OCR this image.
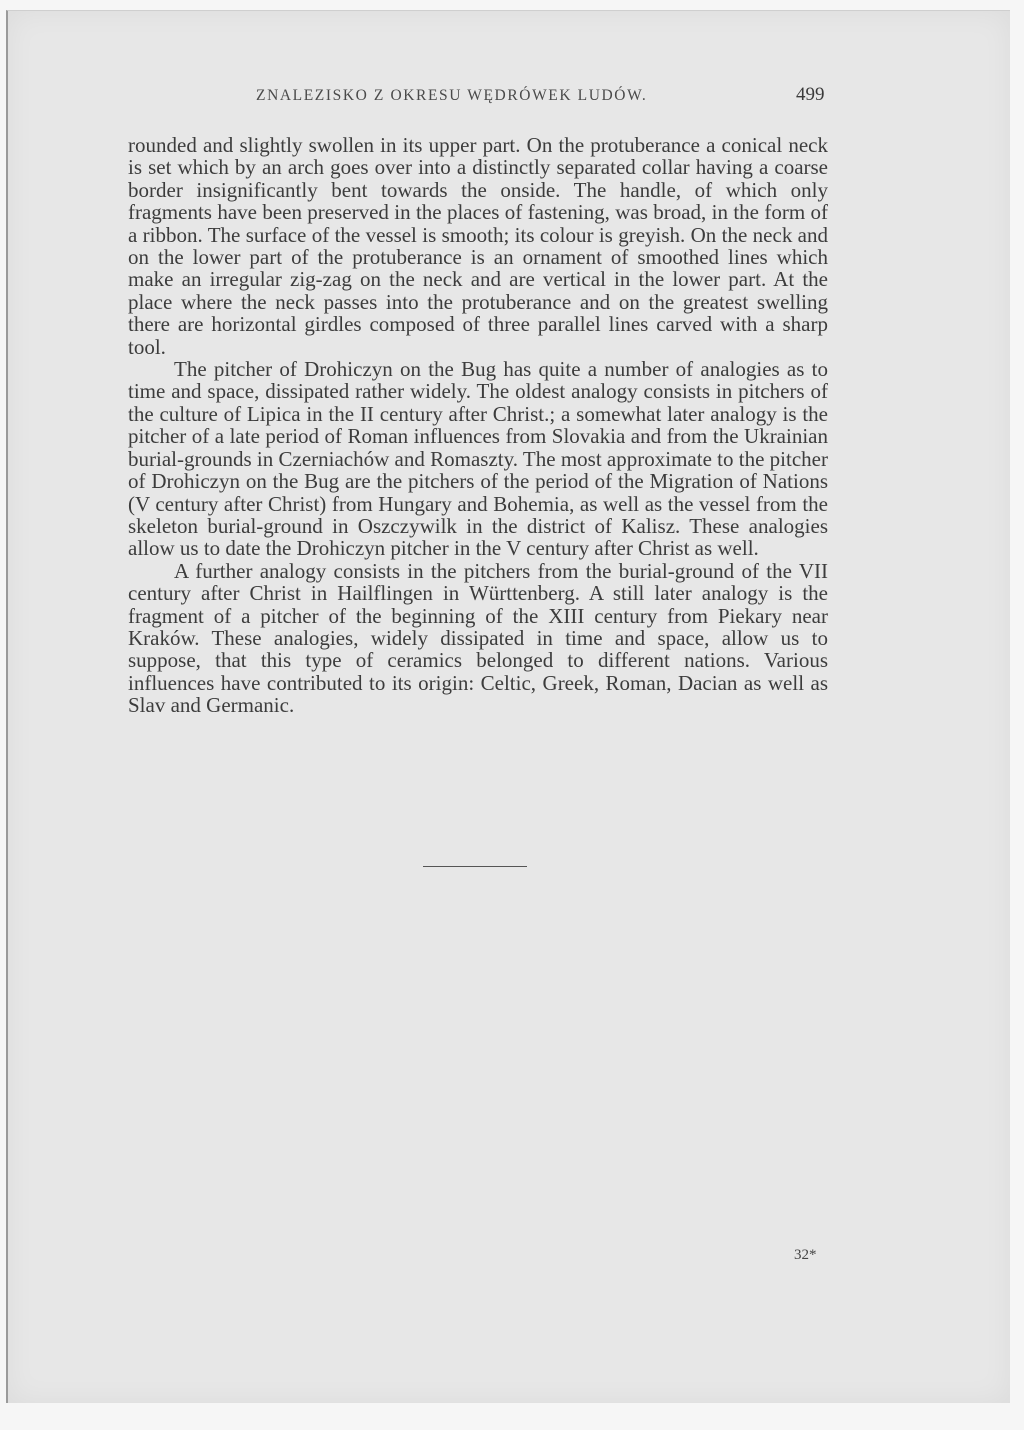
ZNALEZISKO Z OKRESU WĘDRÓWEK LUDÓW.	499

rounded and slightly swollen in its upper part. On the protuberance a conical neck is set which by an arch goes over into a distinctly separated collar having a coarse border insignificantly bent towards the onside. The handle, of which only fragments have been preserved in the places of fastening, was broad, in the form of a ribbon. The surface of the vessel is smooth; its colour is greyish. On the neck and on the lower part of the protuberance is an ornament of smoothed lines which make an irregular zig-zag on the neck and are vertical in the lower part. At the place where the neck passes into the protuberance and on the greatest swelling there are horizontal girdles composed of three parallel lines carved with a sharp tool.

The pitcher of Drohiczyn on the Bug has quite a number of analogies as to time and space, dissipated rather widely. The oldest analogy consists in pitchers of the culture of Lipica in the II century after Christ.; a somewhat later analogy is the pitcher of a late period of Roman influences from Slovakia and from the Ukrainian burial-grounds in Czerniachów and Romaszty. The most approximate to the pitcher of Drohiczyn on the Bug are the pitchers of the period of the Migration of Nations (V century after Christ) from Hungary and Bohemia, as well as the vessel from the skeleton burial-ground in Oszczywilk in the district of Kalisz. These analogies allow us to date the Drohiczyn pitcher in the V century after Christ as well.

A further analogy consists in the pitchers from the burial-ground of the VII century after Christ in Hailflingen in Württenberg. A still later analogy is the fragment of a pitcher of the beginning of the XIII century from Piekary near Kraków. These analogies, widely dissipated in time and space, allow us to suppose, that this type of ceramics belonged to different nations. Various influences have contributed to its origin: Celtic, Greek, Roman, Dacian as well as Slav and Germanic.

32*
